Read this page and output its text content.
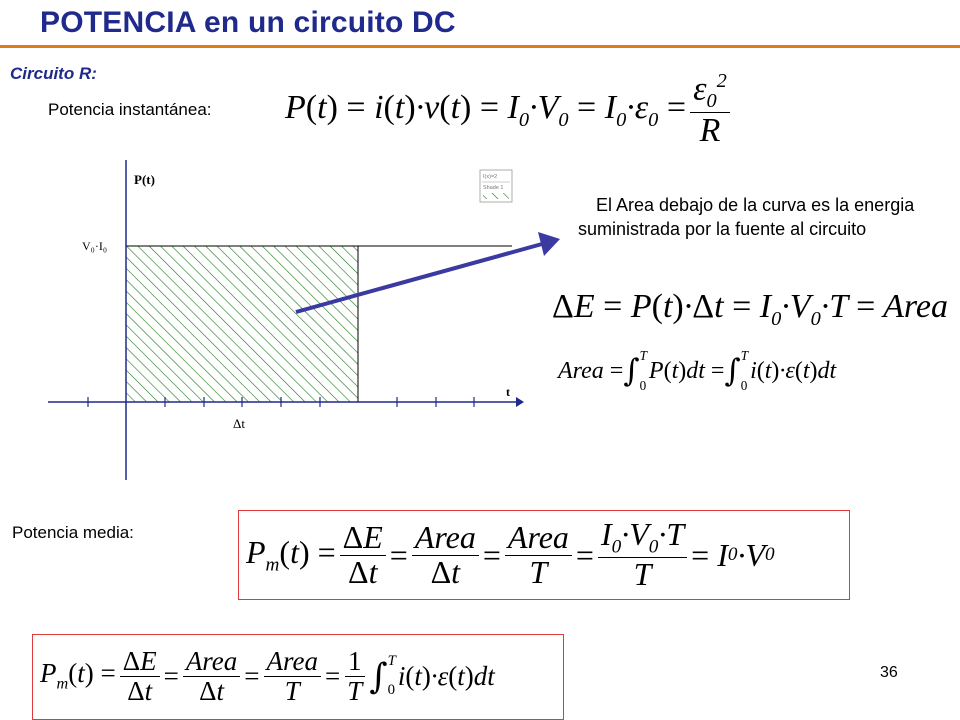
POTENCIA en un circuito DC
Circuito R:
Potencia instantánea: $P(t) = i(t)\cdot v(t) = I_0\cdot V_0 = I_0\cdot\varepsilon_0 = \frac{\varepsilon_0^2}{R}$
I(x)=2
Shade 1
P(t)
t
V₀·I₀
Δt
El Area debajo de la curva es la energia suministrada por la fuente al circuito
$\Delta E = P(t)\cdot\Delta t = I_0\cdot V_0\cdot T$ = Area
Area = ∫ T
0
P(t)dt = ∫ T
0
i(t)·ε(t)dt
Potencia media:
$P_m(t) = \frac{\Delta E}{\Delta t} = \frac{\text{Area}}{\Delta t} = \frac{\text{Area}}{T} = \frac{I_0\cdot V_0\cdot T}{T} = I$ 0 ·V 0
$P_m(t) = \frac{\Delta E}{\Delta t} = \frac{\text{Area}}{\Delta t} = \frac{\text{Area}}{T} = \frac{1}{T}$ ∫ T
0 i(t)·ε(t)dt	36
